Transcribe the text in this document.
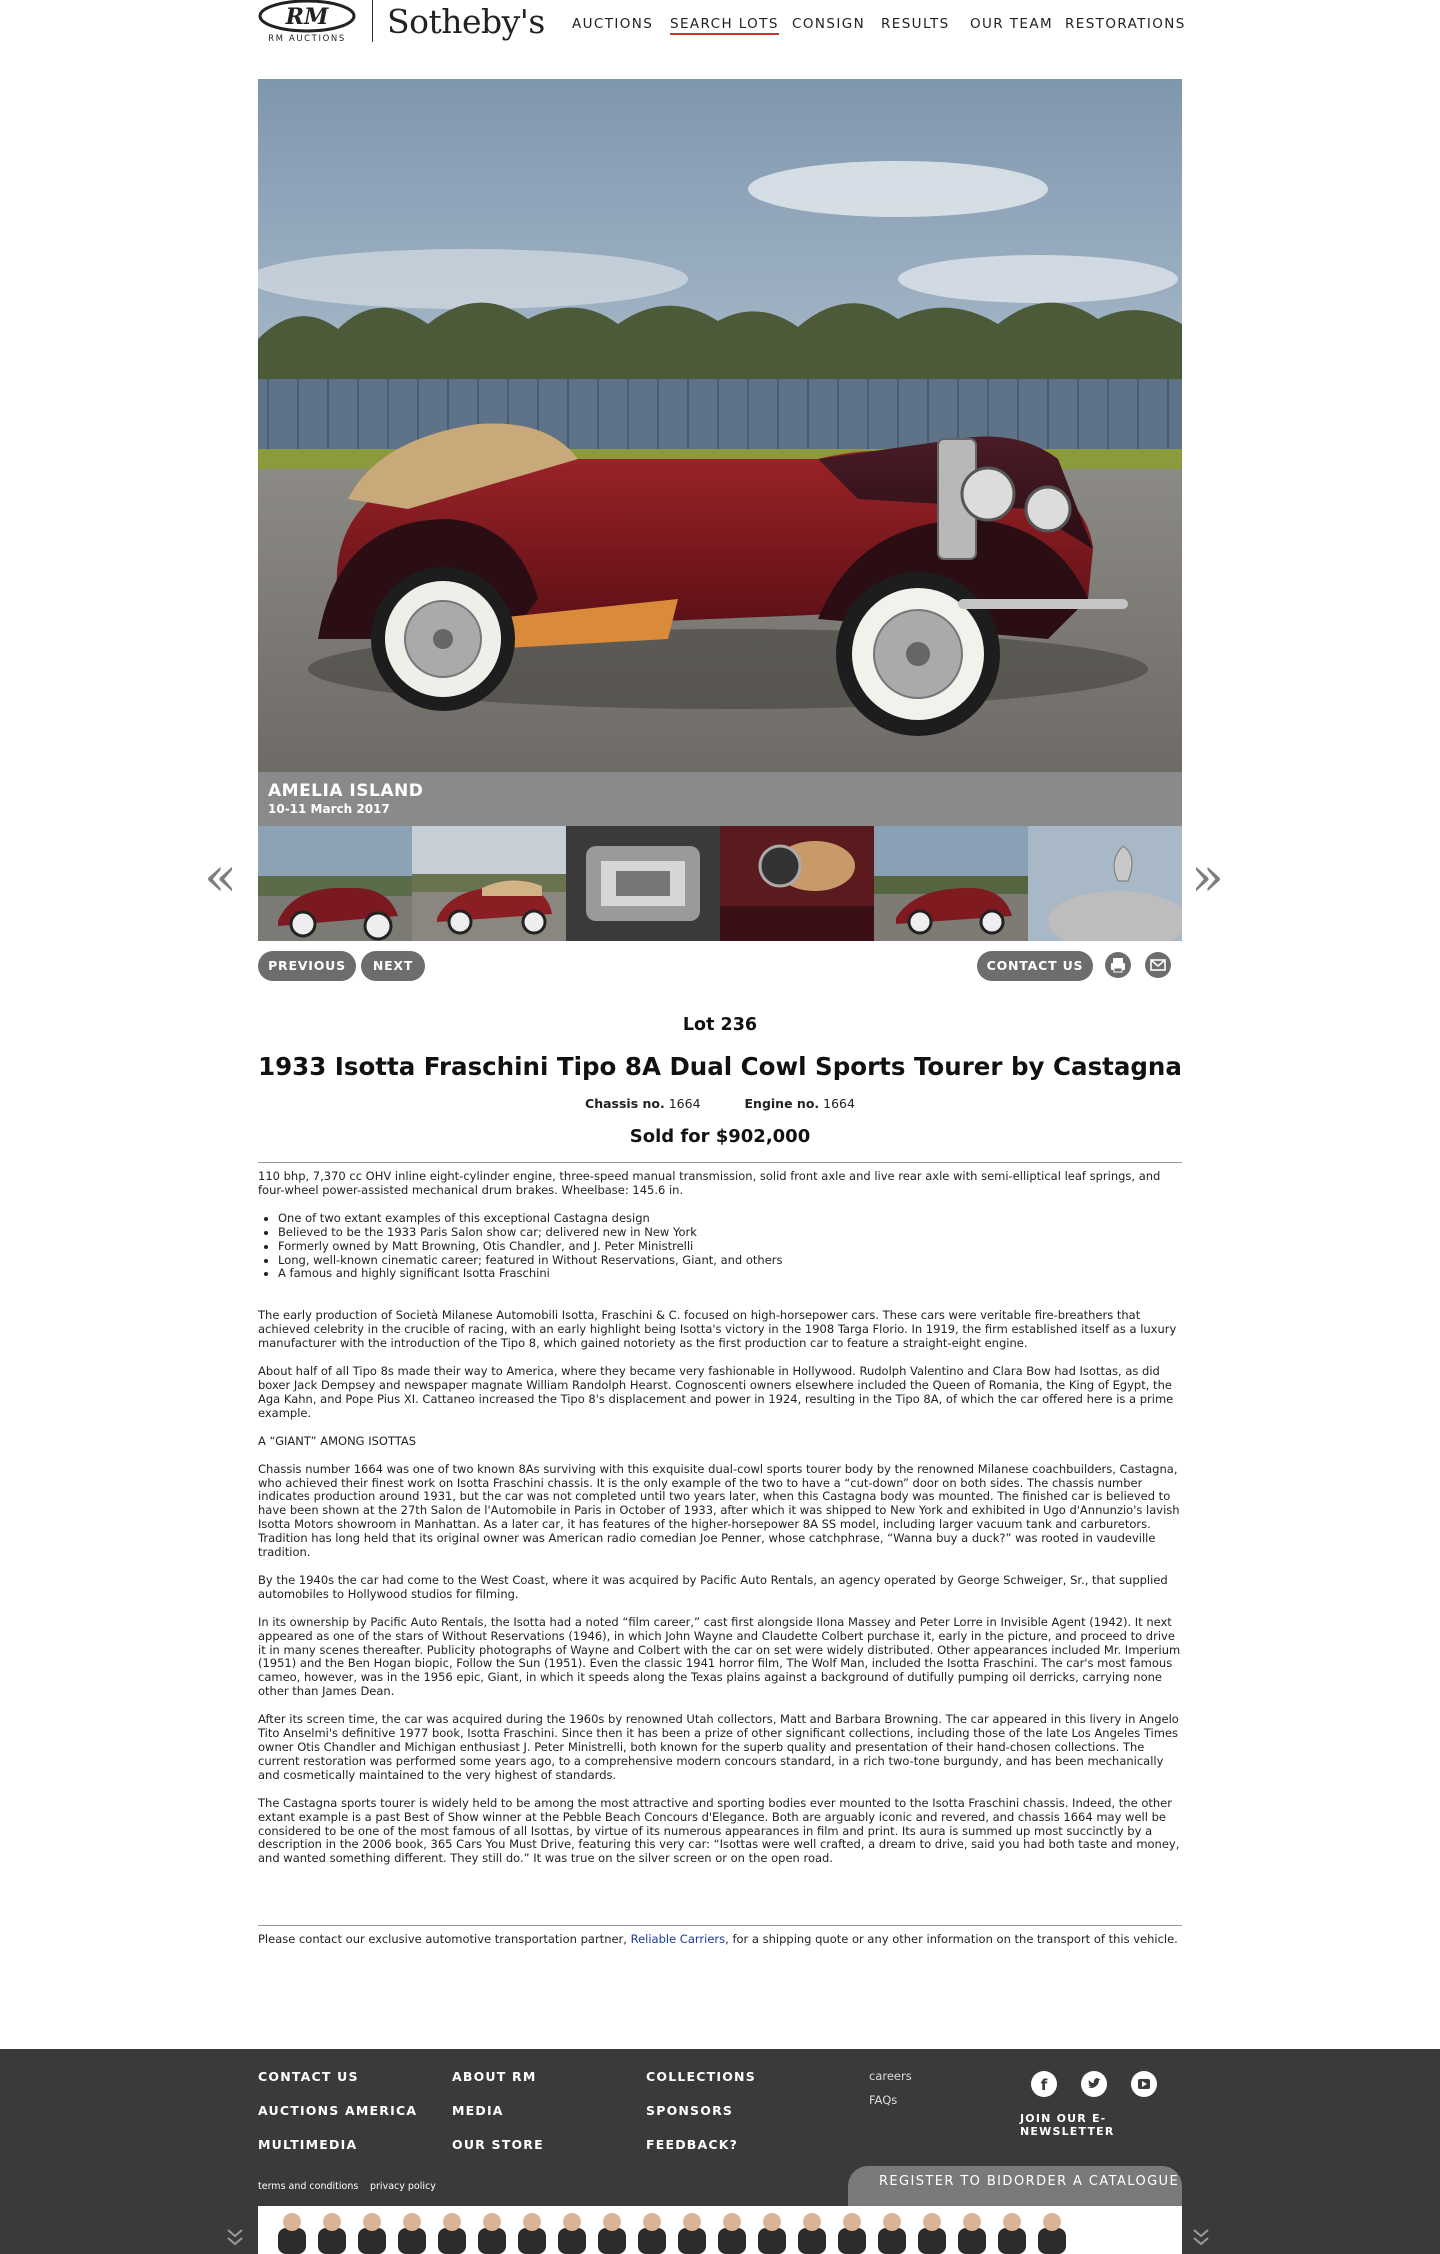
RM
RM AUCTIONS Sotheby's AUCTIONS SEARCH LOTS CONSIGN RESULTS OUR TEAM RESTORATIONS
AMELIA ISLAND
10-11 March 2017
«	»
PREVIOUS	NEXT	CONTACT US
Lot 236
1933 Isotta Fraschini Tipo 8A Dual Cowl Sports Tourer by Castagna
Chassis no. 1664	Engine no. 1664
Sold for $902,000

110 bhp, 7,370 cc OHV inline eight-cylinder engine, three-speed manual transmission, solid front axle and live rear axle with semi-elliptical leaf springs, and four-wheel power-assisted mechanical drum brakes. Wheelbase: 145.6 in.

• One of two extant examples of this exceptional Castagna design
• Believed to be the 1933 Paris Salon show car; delivered new in New York
• Formerly owned by Matt Browning, Otis Chandler, and J. Peter Ministrelli
• Long, well-known cinematic career; featured in Without Reservations, Giant, and others
• A famous and highly significant Isotta Fraschini

The early production of Società Milanese Automobili Isotta, Fraschini & C. focused on high-horsepower cars. These cars were veritable fire-breathers that achieved celebrity in the crucible of racing, with an early highlight being Isotta's victory in the 1908 Targa Florio. In 1919, the firm established itself as a luxury manufacturer with the introduction of the Tipo 8, which gained notoriety as the first production car to feature a straight-eight engine.

About half of all Tipo 8s made their way to America, where they became very fashionable in Hollywood. Rudolph Valentino and Clara Bow had Isottas, as did boxer Jack Dempsey and newspaper magnate William Randolph Hearst. Cognoscenti owners elsewhere included the Queen of Romania, the King of Egypt, the Aga Kahn, and Pope Pius XI. Cattaneo increased the Tipo 8's displacement and power in 1924, resulting in the Tipo 8A, of which the car offered here is a prime example.

A “GIANT” AMONG ISOTTAS

Chassis number 1664 was one of two known 8As surviving with this exquisite dual-cowl sports tourer body by the renowned Milanese coachbuilders, Castagna, who achieved their finest work on Isotta Fraschini chassis. It is the only example of the two to have a “cut-down” door on both sides. The chassis number indicates production around 1931, but the car was not completed until two years later, when this Castagna body was mounted. The finished car is believed to have been shown at the 27th Salon de l'Automobile in Paris in October of 1933, after which it was shipped to New York and exhibited in Ugo d'Annunzio's lavish Isotta Motors showroom in Manhattan. As a later car, it has features of the higher-horsepower 8A SS model, including larger vacuum tank and carburetors. Tradition has long held that its original owner was American radio comedian Joe Penner, whose catchphrase, “Wanna buy a duck?” was rooted in vaudeville tradition.

By the 1940s the car had come to the West Coast, where it was acquired by Pacific Auto Rentals, an agency operated by George Schweiger, Sr., that supplied automobiles to Hollywood studios for filming.

In its ownership by Pacific Auto Rentals, the Isotta had a noted “film career,” cast first alongside Ilona Massey and Peter Lorre in Invisible Agent (1942). It next appeared as one of the stars of Without Reservations (1946), in which John Wayne and Claudette Colbert purchase it, early in the picture, and proceed to drive it in many scenes thereafter. Publicity photographs of Wayne and Colbert with the car on set were widely distributed. Other appearances included Mr. Imperium (1951) and the Ben Hogan biopic, Follow the Sun (1951). Even the classic 1941 horror film, The Wolf Man, included the Isotta Fraschini. The car's most famous cameo, however, was in the 1956 epic, Giant, in which it speeds along the Texas plains against a background of dutifully pumping oil derricks, carrying none other than James Dean.

After its screen time, the car was acquired during the 1960s by renowned Utah collectors, Matt and Barbara Browning. The car appeared in this livery in Angelo Tito Anselmi's definitive 1977 book, Isotta Fraschini. Since then it has been a prize of other significant collections, including those of the late Los Angeles Times owner Otis Chandler and Michigan enthusiast J. Peter Ministrelli, both known for the superb quality and presentation of their hand-chosen collections. The current restoration was performed some years ago, to a comprehensive modern concours standard, in a rich two-tone burgundy, and has been mechanically and cosmetically maintained to the very highest of standards.

The Castagna sports tourer is widely held to be among the most attractive and sporting bodies ever mounted to the Isotta Fraschini chassis. Indeed, the other extant example is a past Best of Show winner at the Pebble Beach Concours d'Elegance. Both are arguably iconic and revered, and chassis 1664 may well be considered to be one of the most famous of all Isottas, by virtue of its numerous appearances in film and print. Its aura is summed up most succinctly by a description in the 2006 book, 365 Cars You Must Drive, featuring this very car: “Isottas were well crafted, a dream to drive, said you had both taste and money, and wanted something different. They still do.” It was true on the silver screen or on the open road.

Please contact our exclusive automotive transportation partner, Reliable Carriers, for a shipping quote or any other information on the transport of this vehicle.
CONTACT US
AUCTIONS AMERICA
MULTIMEDIA
ABOUT RM
MEDIA
OUR STORE
COLLECTIONS
SPONSORS
FEEDBACK?
careers
FAQs
f
JOIN OUR E-
NEWSLETTER
terms and conditions privacy policy	REGISTER TO BID ORDER A CATALOGUE
